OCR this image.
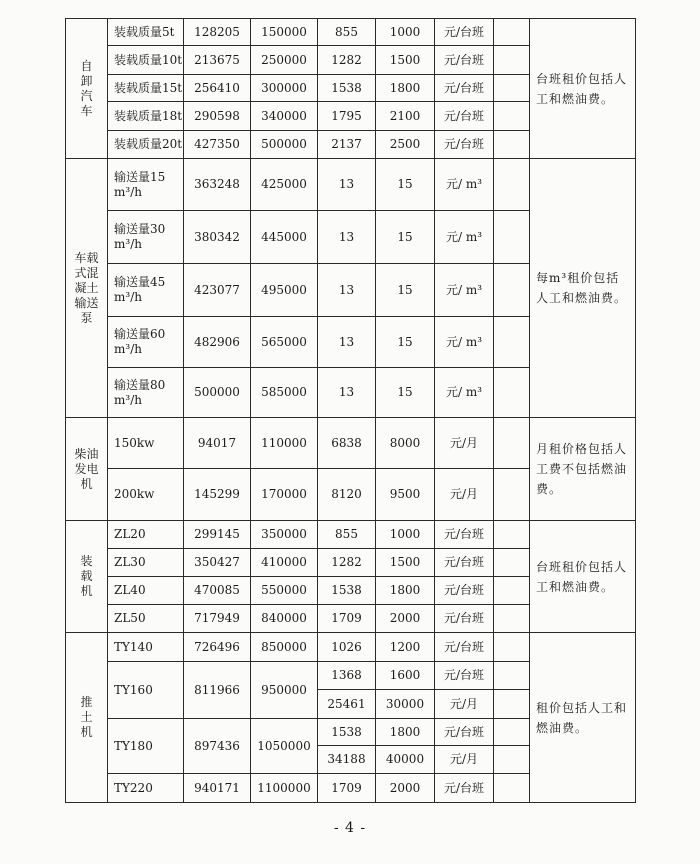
自
卸
汽
车	装载质量5t	128205	150000	855	1000	元/台班		台班租价包括人工和燃油费。
	装载质量10t	213675	250000	1282	1500	元/台班		
	装载质量15t	256410	300000	1538	1800	元/台班		
	装载质量18t	290598	340000	1795	2100	元/台班		
	装载质量20t	427350	500000	2137	2500	元/台班		
车载
式混
凝土
输送
泵	输送量15
m³/h	363248	425000	13	15	元/ m³		每m³租价包括人工和燃油费。
	输送量30
m³/h	380342	445000	13	15	元/ m³		
	输送量45
m³/h	423077	495000	13	15	元/ m³		
	输送量60
m³/h	482906	565000	13	15	元/ m³		
	输送量80
m³/h	500000	585000	13	15	元/ m³		
柴油
发电
机	150kw	94017	110000	6838	8000	元/月		月租价格包括人工费不包括燃油费。
	200kw	145299	170000	8120	9500	元/月		
装
载
机	ZL20	299145	350000	855	1000	元/台班		台班租价包括人工和燃油费。
	ZL30	350427	410000	1282	1500	元/台班		
	ZL40	470085	550000	1538	1800	元/台班		
	ZL50	717949	840000	1709	2000	元/台班		
推
土
机	TY140	726496	850000	1026	1200	元/台班		租价包括人工和燃油费。
	TY160	811966	950000	1368	1600	元/台班		
				25461	30000	元/月		
	TY180	897436	1050000	1538	1800	元/台班		
				34188	40000	元/月		
	TY220	940171	1100000	1709	2000	元/台班		
- 4 -
